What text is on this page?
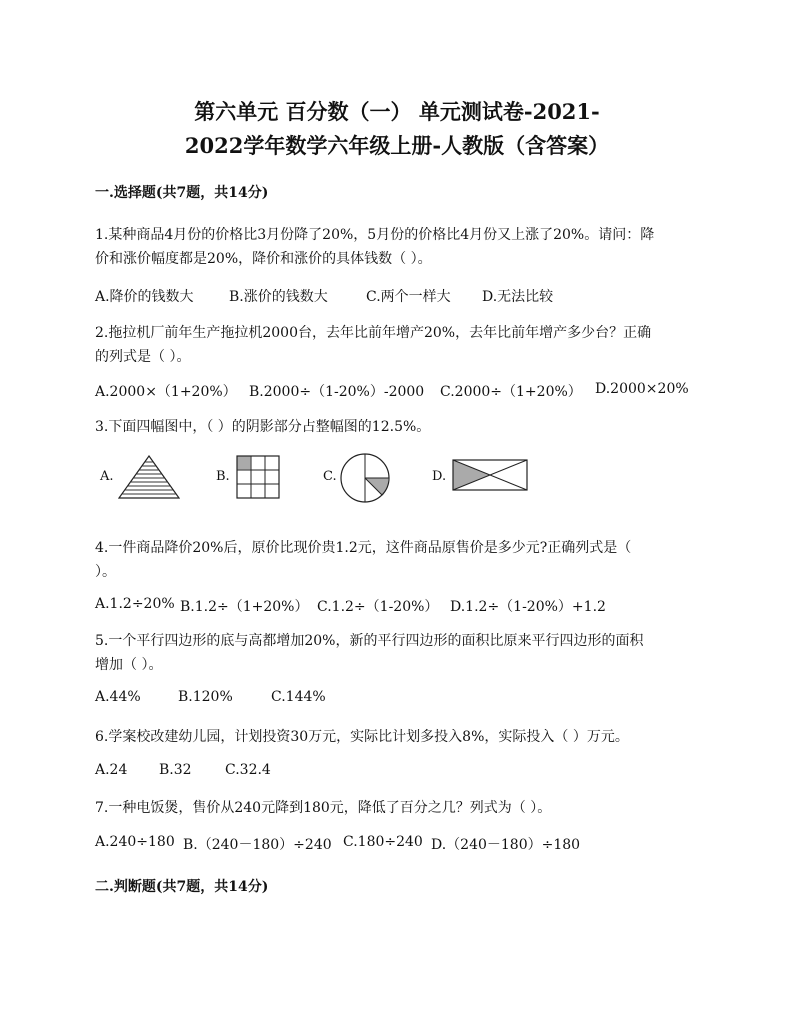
第六单元 百分数（一） 单元测试卷-2021-
2022学年数学六年级上册-人教版（含答案）
一.选择题(共7题，共14分)
1.某种商品4月份的价格比3月份降了20%，5月份的价格比4月份又上涨了20%。请问：降
价和涨价幅度都是20%，降价和涨价的具体钱数（ ）。
A.降价的钱数大	B.涨价的钱数大	C.两个一样大 D.无法比较
2.拖拉机厂前年生产拖拉机2000台，去年比前年增产20%，去年比前年增产多少台？正确
的列式是（ ）。
A.2000×（1+20%） B.2000÷（1-20%）-2000 C.2000÷（1+20%） D.2000×20%
3.下面四幅图中，（ ）的阴影部分占整幅图的12.5%。
A.	B.	C.	D.
4.一件商品降价20%后，原价比现价贵1.2元，这件商品原售价是多少元?正确列式是（
）。
A.1.2÷20% B.1.2÷（1+20%） C.1.2÷（1-20%） D.1.2÷（1-20%）+1.2
5.一个平行四边形的底与高都增加20%，新的平行四边形的面积比原来平行四边形的面积
增加（ ）。
A.44%	B.120%	C.144%
6.学案校改建幼儿园，计划投资30万元，实际比计划多投入8%，实际投入（ ）万元。
A.24 B.32 C.32.4
7.一种电饭煲，售价从240元降到180元，降低了百分之几？列式为（ ）。
A.240÷180 B.（240－180）÷240 C.180÷240 D.（240－180）÷180
二.判断题(共7题，共14分)
